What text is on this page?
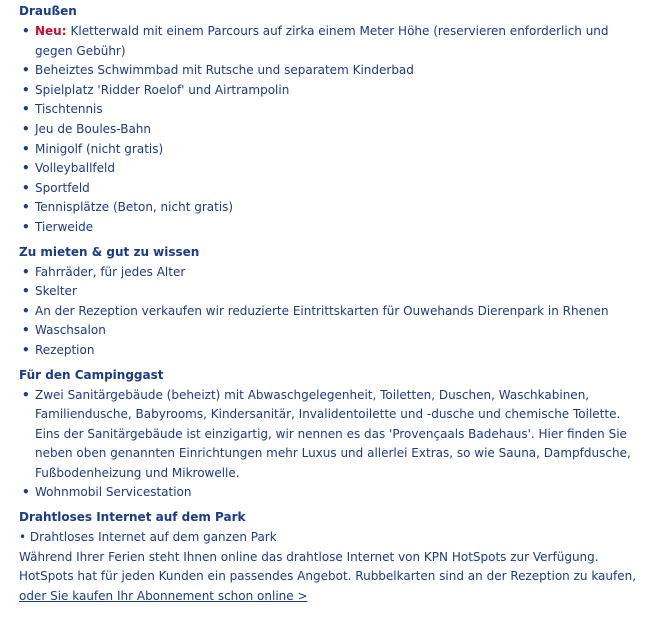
Draußen
• Neu: Kletterwald mit einem Parcours auf zirka einem Meter Höhe (reservieren enforderlich und gegen Gebühr)
• Beheiztes Schwimmbad mit Rutsche und separatem Kinderbad
• Spielplatz 'Ridder Roelof' und Airtrampolin
• Tischtennis
• Jeu de Boules-Bahn
• Minigolf (nicht gratis)
• Volleyballfeld
• Sportfeld
• Tennisplätze (Beton, nicht gratis)
• Tierweide
Zu mieten & gut zu wissen
• Fahrräder, für jedes Alter
• Skelter
• An der Rezeption verkaufen wir reduzierte Eintrittskarten für Ouwehands Dierenpark in Rhenen
• Waschsalon
• Rezeption
Für den Campinggast
• Zwei Sanitärgebäude (beheizt) mit Abwaschgelegenheit, Toiletten, Duschen, Waschkabinen, Familiendusche, Babyrooms, Kindersanitär, Invalidentoilette und -dusche und chemische Toilette. Eins der Sanitärgebäude ist einzigartig, wir nennen es das 'Provençaals Badehaus'. Hier finden Sie neben oben genannten Einrichtungen mehr Luxus und allerlei Extras, so wie Sauna, Dampfdusche, Fußbodenheizung und Mikrowelle.
• Wohnmobil Servicestation
Drahtloses Internet auf dem Park
• Drahtloses Internet auf dem ganzen Park

Während Ihrer Ferien steht Ihnen online das drahtlose Internet von KPN HotSpots zur Verfügung. HotSpots hat für jeden Kunden ein passendes Angebot. Rubbelkarten sind an der Rezeption zu kaufen,

oder Sie kaufen Ihr Abonnement schon online >
